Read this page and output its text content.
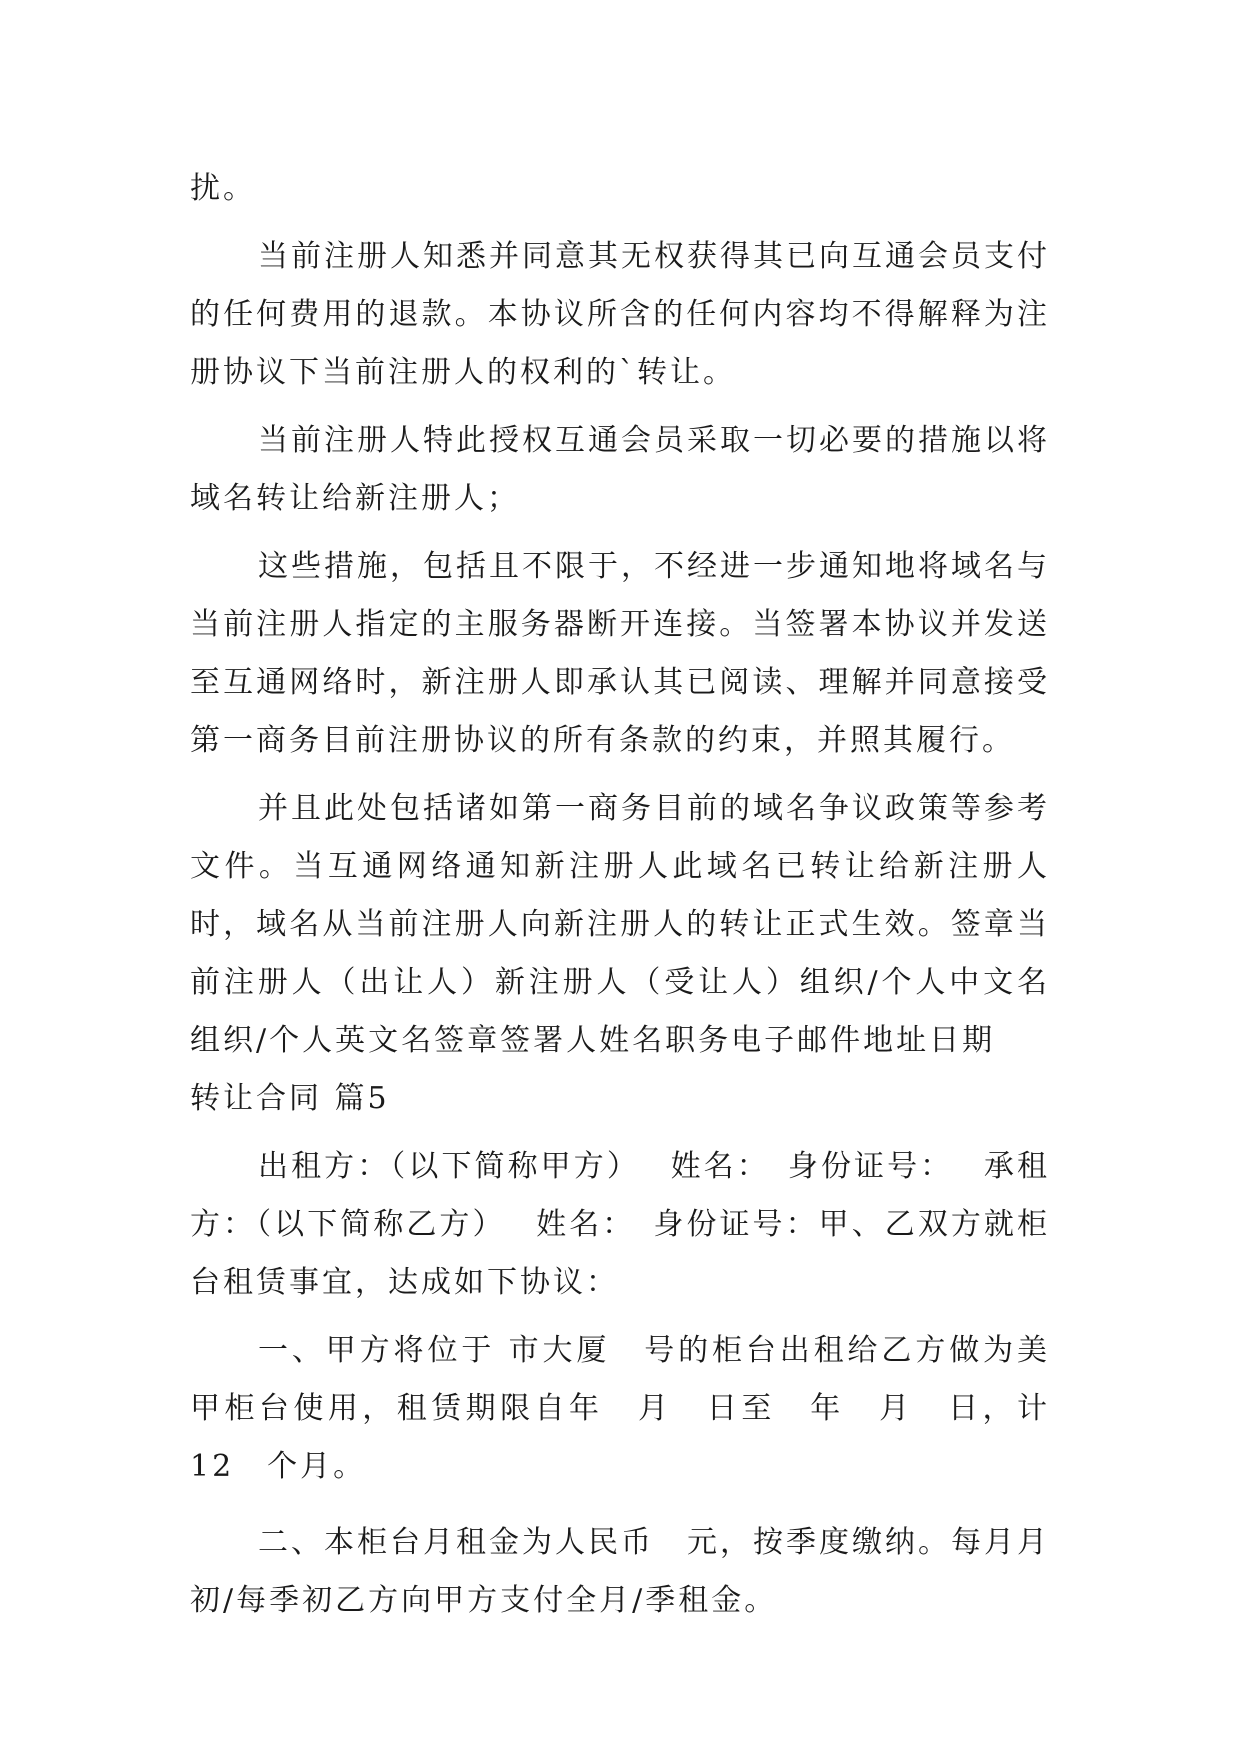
扰。

当前注册人知悉并同意其无权获得其已向互通会员支付的任何费用的退款。本协议所含的任何内容均不得解释为注册协议下当前注册人的权利的`转让。

当前注册人特此授权互通会员采取一切必要的措施以将域名转让给新注册人；

这些措施，包括且不限于，不经进一步通知地将域名与当前注册人指定的主服务器断开连接。当签署本协议并发送至互通网络时，新注册人即承认其已阅读、理解并同意接受第一商务目前注册协议的所有条款的约束，并照其履行。

并且此处包括诸如第一商务目前的域名争议政策等参考文件。当互通网络通知新注册人此域名已转让给新注册人时，域名从当前注册人向新注册人的转让正式生效。签章当前注册人（出让人）新注册人（受让人）组织/个人中文名组织/个人英文名签章签署人姓名职务电子邮件地址日期

转让合同 篇5

出租方：（以下简称甲方）　 姓名：　身份证号：　 承租方：（以下简称乙方）　 姓名：　身份证号：甲、乙双方就柜台租赁事宜，达成如下协议：

一、甲方将位于 市大厦　号的柜台出租给乙方做为美甲柜台使用，租赁期限自年　月　日至　年　月　日，计 12　个月。

二、本柜台月租金为人民币　元，按季度缴纳。每月月初/每季初乙方向甲方支付全月/季租金。
